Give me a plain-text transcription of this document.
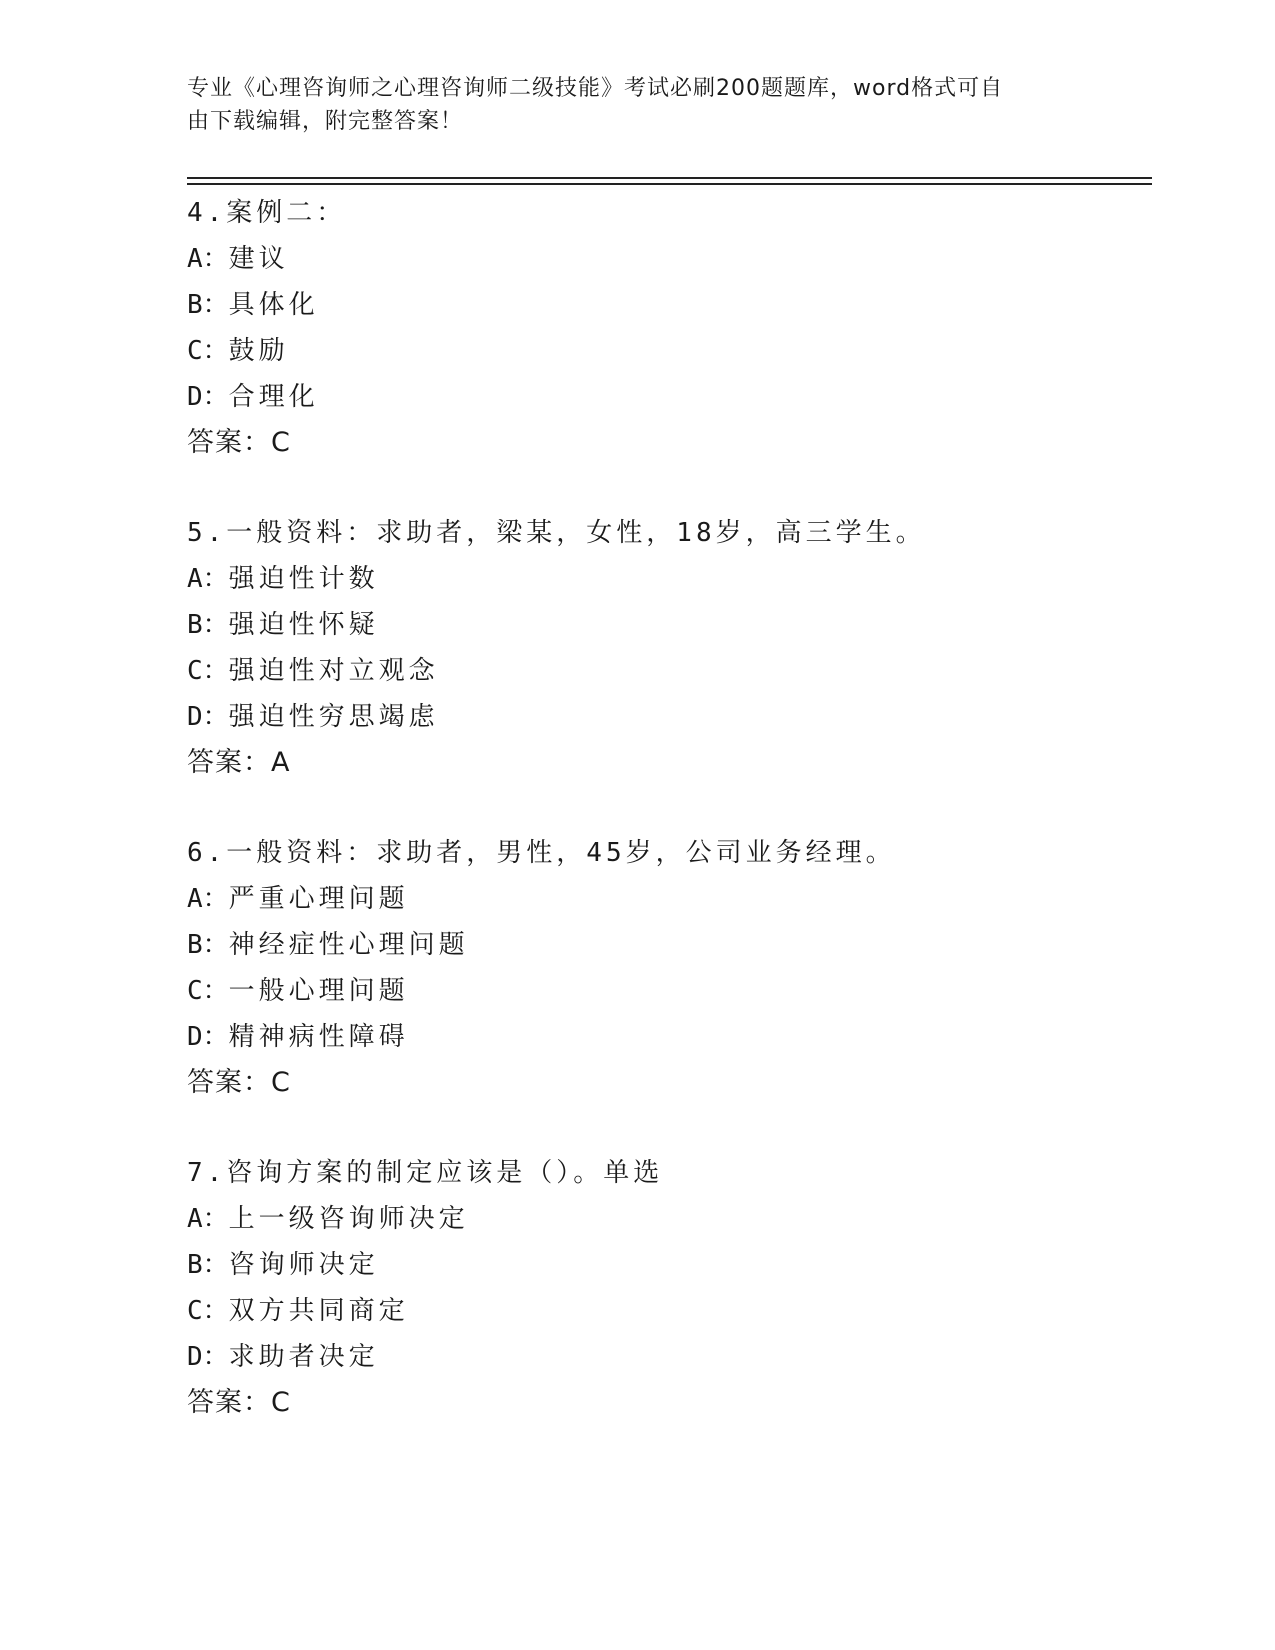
专业《心理咨询师之心理咨询师二级技能》考试必刷200题题库，word格式可自
由下载编辑，附完整答案！
4.案例二：
A：建议
B：具体化
C：鼓励
D：合理化
答案：C
5.一般资料：求助者，梁某，女性，18岁，高三学生。
A：强迫性计数
B：强迫性怀疑
C：强迫性对立观念
D：强迫性穷思竭虑
答案：A
6.一般资料：求助者，男性，45岁，公司业务经理。
A：严重心理问题
B：神经症性心理问题
C：一般心理问题
D：精神病性障碍
答案：C
7.咨询方案的制定应该是（）。单选
A：上一级咨询师决定
B：咨询师决定
C：双方共同商定
D：求助者决定
答案：C
